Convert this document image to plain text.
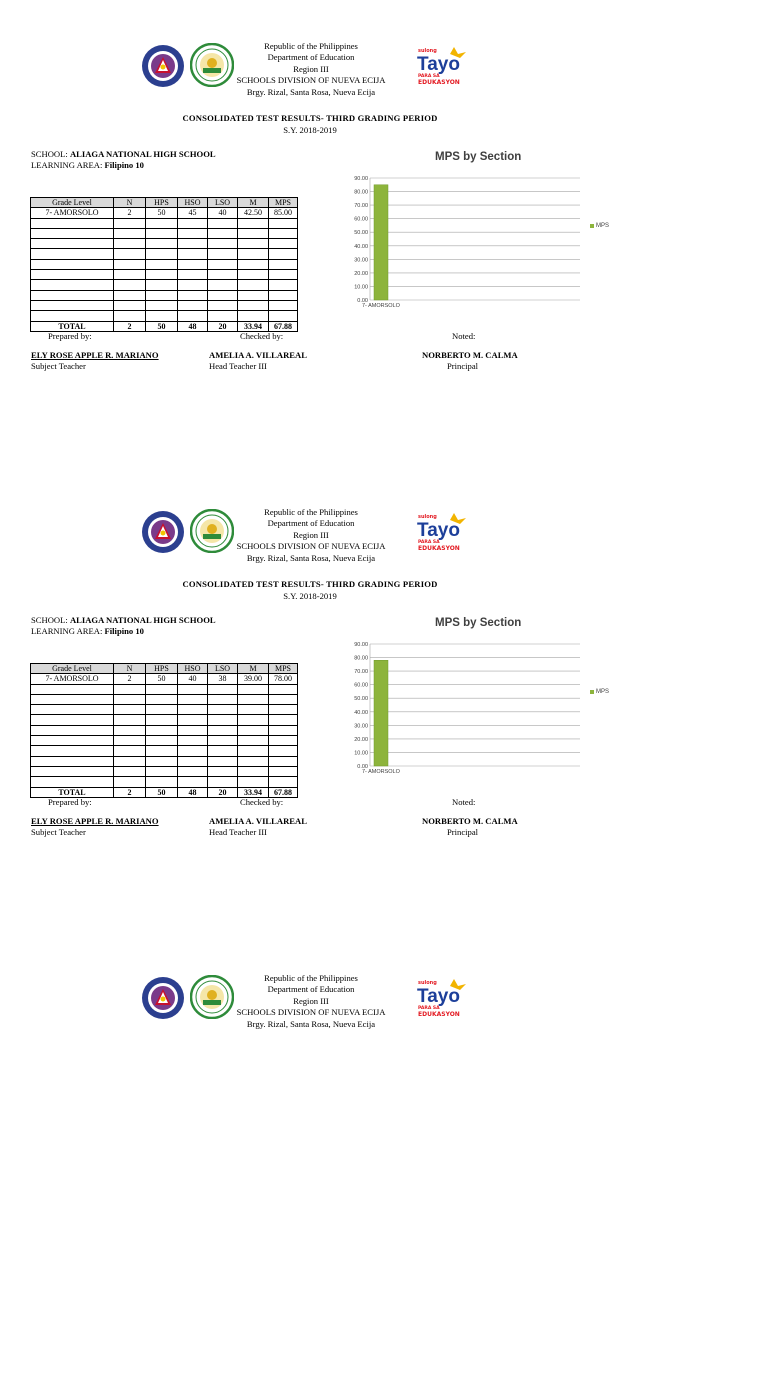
sulong
Tayo
PARA SA
EDUKASYON
Republic of the Philippines
Department of Education
Region III
SCHOOLS DIVISION OF NUEVA ECIJA
Brgy. Rizal, Santa Rosa, Nueva Ecija
CONSOLIDATED TEST RESULTS- THIRD GRADING PERIOD
S.Y. 2018-2019
SCHOOL: ALIAGA NATIONAL HIGH SCHOOL
LEARNING AREA: Filipino 10
Grade Level	N	HPS	HSO	LSO	M	MPS
7- AMORSOLO	2	50	45	40	42.50	85.00

TOTAL	2	50	48	20	33.94	67.88
MPS by Section
0.00
10.00
20.00
30.00
40.00
50.00
60.00
70.00
80.00
90.00
7- AMORSOLO
MPS
Prepared by:	Checked by:	Noted:
ELY ROSE APPLE R. MARIANO
Subject Teacher
AMELIA A. VILLAREAL
Head Teacher III
NORBERTO M. CALMA
Principal
sulong
Tayo
PARA SA
EDUKASYON
Republic of the Philippines
Department of Education
Region III
SCHOOLS DIVISION OF NUEVA ECIJA
Brgy. Rizal, Santa Rosa, Nueva Ecija
CONSOLIDATED TEST RESULTS- THIRD GRADING PERIOD
S.Y. 2018-2019
SCHOOL: ALIAGA NATIONAL HIGH SCHOOL
LEARNING AREA: Filipino 10
Grade Level	N	HPS	HSO	LSO	M	MPS
7- AMORSOLO	2	50	40	38	39.00	78.00

TOTAL	2	50	48	20	33.94	67.88
MPS by Section
0.00
10.00
20.00
30.00
40.00
50.00
60.00
70.00
80.00
90.00
7- AMORSOLO
MPS
Prepared by:	Checked by:	Noted:
ELY ROSE APPLE R. MARIANO
Subject Teacher
AMELIA A. VILLAREAL
Head Teacher III
NORBERTO M. CALMA
Principal
sulong
Tayo
PARA SA
EDUKASYON
Republic of the Philippines
Department of Education
Region III
SCHOOLS DIVISION OF NUEVA ECIJA
Brgy. Rizal, Santa Rosa, Nueva Ecija
